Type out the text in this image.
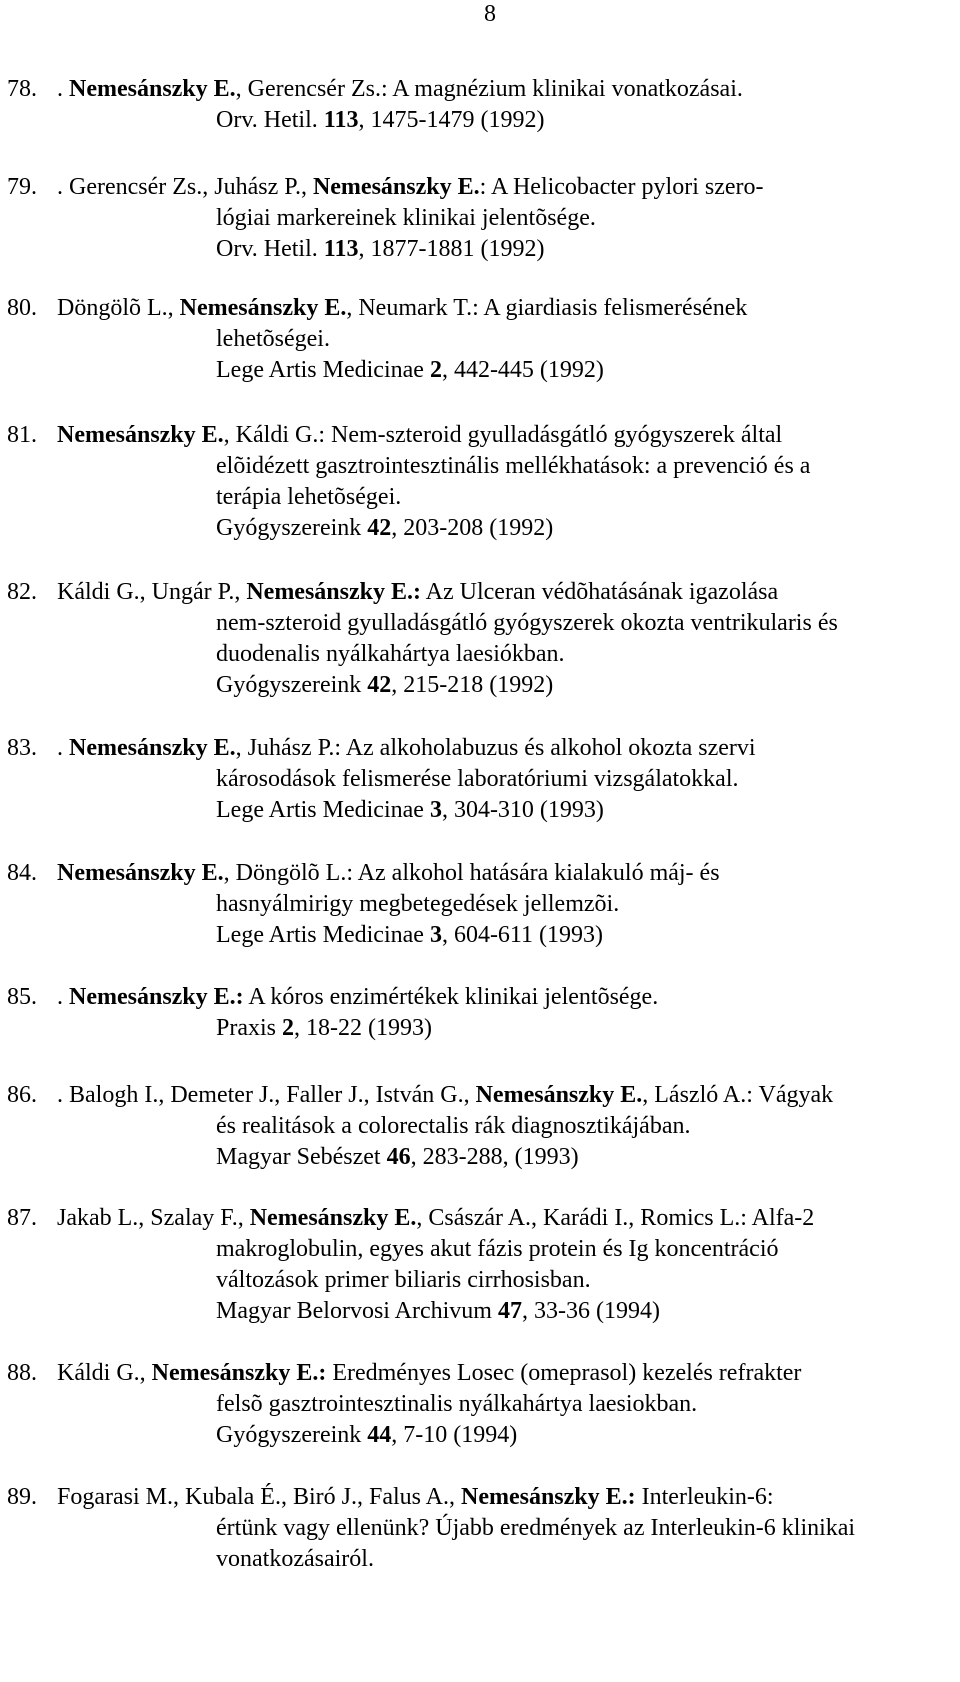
8
78. . Nemesánszky E., Gerencsér Zs.: A magnézium klinikai vonatkozásai.
Orv. Hetil. 113, 1475-1479 (1992)
79. . Gerencsér Zs., Juhász P., Nemesánszky E.: A Helicobacter pylori szero-
lógiai markereinek klinikai jelentõsége.
Orv. Hetil. 113, 1877-1881 (1992)
80. Döngölõ L., Nemesánszky E., Neumark T.: A giardiasis felismerésének
lehetõségei.
Lege Artis Medicinae 2, 442-445 (1992)
81. Nemesánszky E., Káldi G.: Nem-szteroid gyulladásgátló gyógyszerek által
elõidézett gasztrointesztinális mellékhatások: a prevenció és a
terápia lehetõségei.
Gyógyszereink 42, 203-208 (1992)
82. Káldi G., Ungár P., Nemesánszky E.: Az Ulceran védõhatásának igazolása
nem-szteroid gyulladásgátló gyógyszerek okozta ventrikularis és
duodenalis nyálkahártya laesiókban.
Gyógyszereink 42, 215-218 (1992)
83. . Nemesánszky E., Juhász P.: Az alkoholabuzus és alkohol okozta szervi
károsodások felismerése laboratóriumi vizsgálatokkal.
Lege Artis Medicinae 3, 304-310 (1993)
84. Nemesánszky E., Döngölõ L.: Az alkohol hatására kialakuló máj- és
hasnyálmirigy megbetegedések jellemzõi.
Lege Artis Medicinae 3, 604-611 (1993)
85. . Nemesánszky E.: A kóros enzimértékek klinikai jelentõsége.
Praxis 2, 18-22 (1993)
86. . Balogh I., Demeter J., Faller J., István G., Nemesánszky E., László A.: Vágyak
és realitások a colorectalis rák diagnosztikájában.
Magyar Sebészet 46, 283-288, (1993)
87. Jakab L., Szalay F., Nemesánszky E., Császár A., Karádi I., Romics L.: Alfa-2
makroglobulin, egyes akut fázis protein és Ig koncentráció
változások primer biliaris cirrhosisban.
Magyar Belorvosi Archivum 47, 33-36 (1994)
88. Káldi G., Nemesánszky E.: Eredményes Losec (omeprasol) kezelés refrakter
felsõ gasztrointesztinalis nyálkahártya laesiokban.
Gyógyszereink 44, 7-10 (1994)
89. Fogarasi M., Kubala É., Biró J., Falus A., Nemesánszky E.: Interleukin-6:
értünk vagy ellenünk? Újabb eredmények az Interleukin-6 klinikai
vonatkozásairól.
